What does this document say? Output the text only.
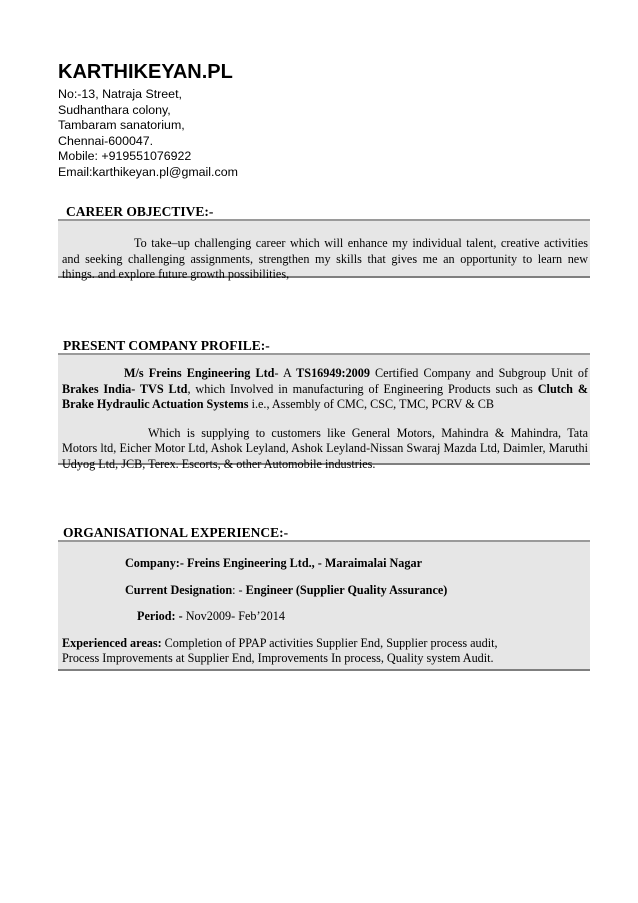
KARTHIKEYAN.PL
No:-13, Natraja Street,
Sudhanthara colony,
Tambaram sanatorium,
Chennai-600047.
Mobile: +919551076922
Email:karthikeyan.pl@gmail.com
CAREER OBJECTIVE:-

To take–up challenging career which will enhance my individual talent, creative activities and seeking challenging assignments, strengthen my skills that gives me an opportunity to learn new things. and explore future growth possibilities,

PRESENT COMPANY PROFILE:-

M/s Freins Engineering Ltd- A TS16949:2009 Certified Company and Subgroup Unit of Brakes India- TVS Ltd, which Involved in manufacturing of Engineering Products such as Clutch & Brake Hydraulic Actuation Systems i.e., Assembly of CMC, CSC, TMC, PCRV & CB

Which is supplying to customers like General Motors, Mahindra & Mahindra, Tata Motors ltd, Eicher Motor Ltd, Ashok Leyland, Ashok Leyland-Nissan Swaraj Mazda Ltd, Daimler, Maruthi Udyog Ltd, JCB, Terex. Escorts, & other Automobile industries.

ORGANISATIONAL EXPERIENCE:-

Company:- Freins Engineering Ltd., - Maraimalai Nagar

Current Designation: - Engineer (Supplier Quality Assurance)

Period: - Nov2009- Feb’2014

Experienced areas: Completion of PPAP activities Supplier End, Supplier process audit,

Process Improvements at Supplier End, Improvements In process, Quality system Audit.
